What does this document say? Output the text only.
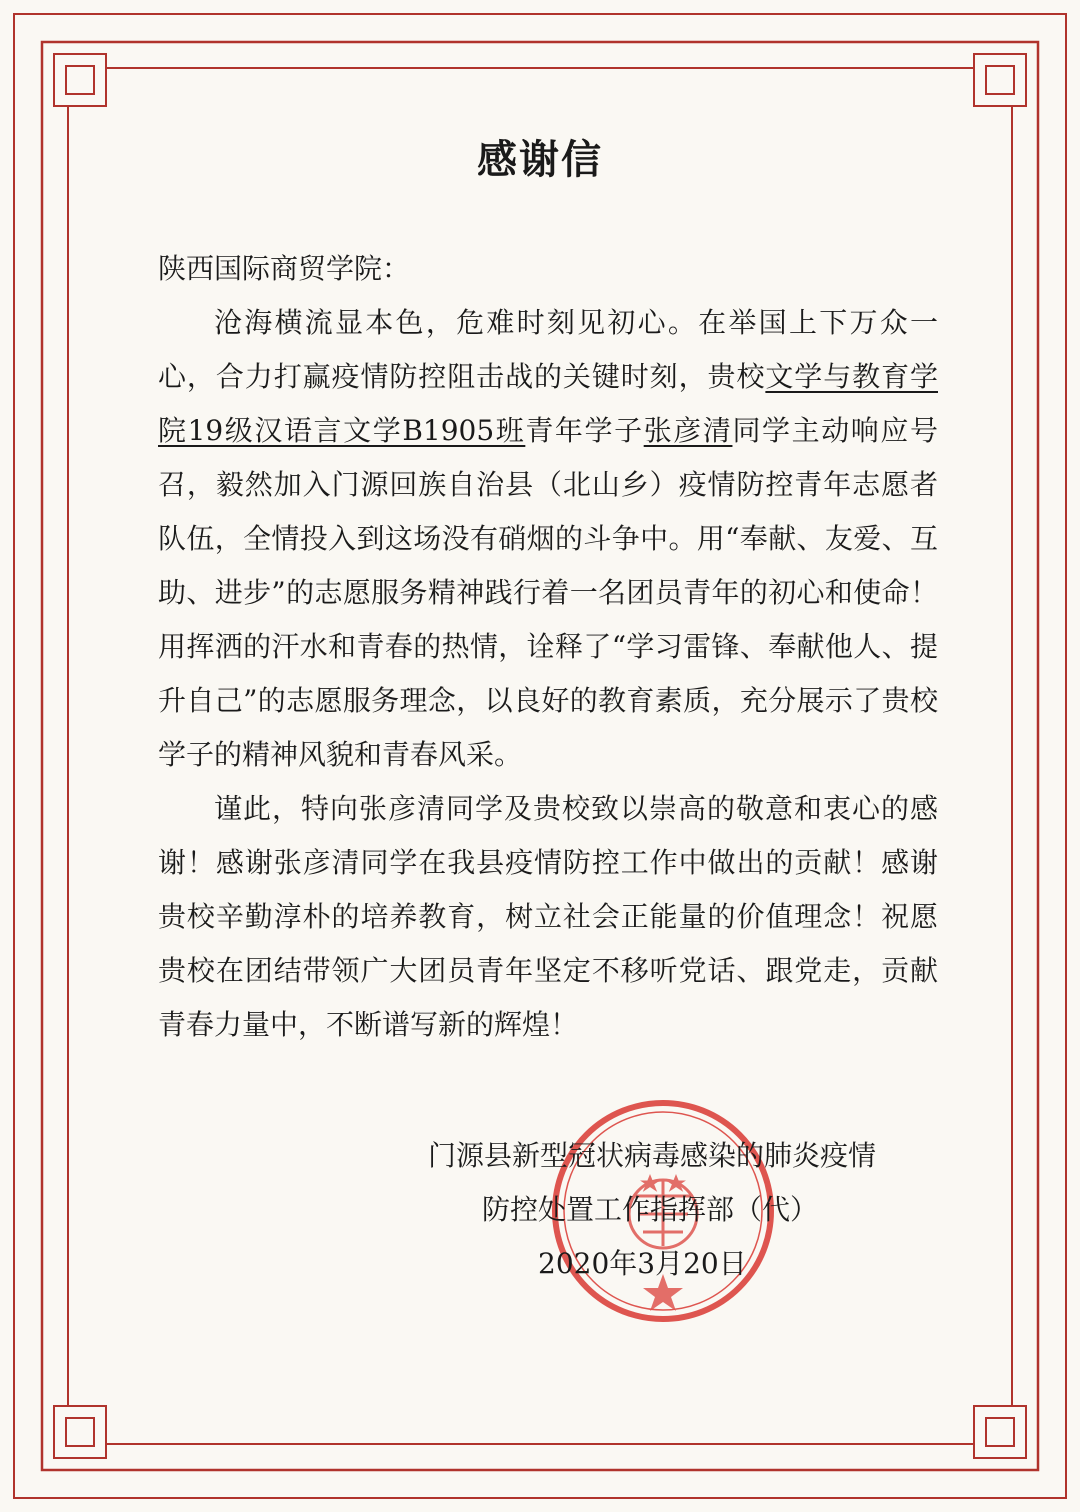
感谢信

陕西国际商贸学院：

沧海横流显本色，危难时刻见初心。在举国上下万众一心，合力打赢疫情防控阻击战的关键时刻，贵校文学与教育学院19级汉语言文学B1905班青年学子张彦清同学主动响应号召，毅然加入门源回族自治县（北山乡）疫情防控青年志愿者队伍，全情投入到这场没有硝烟的斗争中。用“奉献、友爱、互助、进步”的志愿服务精神践行着一名团员青年的初心和使命！用挥洒的汗水和青春的热情，诠释了“学习雷锋、奉献他人、提升自己”的志愿服务理念，以良好的教育素质，充分展示了贵校学子的精神风貌和青春风采。

谨此，特向张彦清同学及贵校致以崇高的敬意和衷心的感谢！感谢张彦清同学在我县疫情防控工作中做出的贡献！感谢贵校辛勤淳朴的培养教育，树立社会正能量的价值理念！祝愿贵校在团结带领广大团员青年坚定不移听党话、跟党走，贡献青春力量中，不断谱写新的辉煌！

门源县新型冠状病毒感染的肺炎疫情
防控处置工作指挥部（代）
2020年3月20日
